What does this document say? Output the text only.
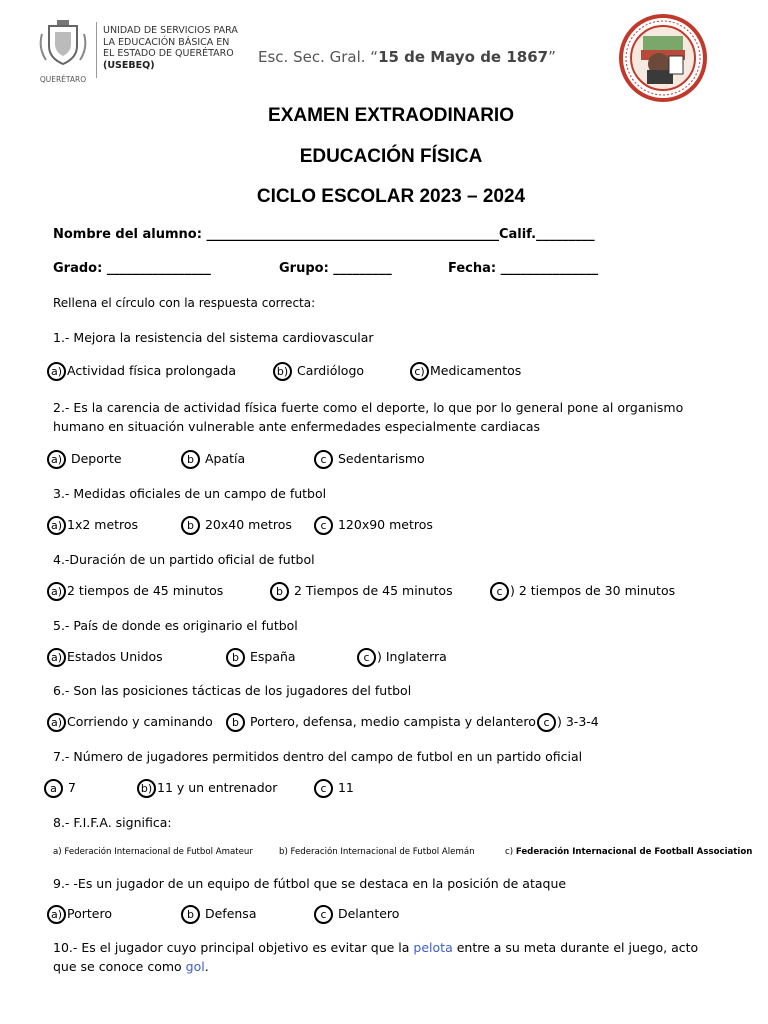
QUERÉTARO
UNIDAD DE SERVICIOS PARA
LA EDUCACIÓN BÁSICA EN
EL ESTADO DE QUERÉTARO
(USEBEQ)	Esc. Sec. Gral. “15 de Mayo de 1867”
EXAMEN EXTRAODINARIO
EDUCACIÓN FÍSICA
CICLO ESCOLAR 2023 – 2024
Nombre del alumno: _____________________________________________Calif._________
Grado: ________________	Grupo: _________	Fecha: _______________
Rellena el círculo con la respuesta correcta:
1.- Mejora la resistencia del sistema cardiovascular
a) Actividad física prolongada	b) Cardiólogo	c) Medicamentos
2.- Es la carencia de actividad física fuerte como el deporte, lo que por lo general pone al organismo humano en situación vulnerable ante enfermedades especialmente cardiacas
a) Deporte	b Apatía	c Sedentarismo
3.- Medidas oficiales de un campo de futbol
a) 1x2 metros	b 20x40 metros	c 120x90 metros
4.-Duración de un partido oficial de futbol
a) 2 tiempos de 45 minutos	b 2 Tiempos de 45 minutos	c ) 2 tiempos de 30 minutos
5.- País de donde es originario el futbol
a) Estados Unidos	b España	c ) Inglaterra
6.- Son las posiciones tácticas de los jugadores del futbol
a) Corriendo y caminando	b Portero, defensa, medio campista y delantero c ) 3-3-4
7.- Número de jugadores permitidos dentro del campo de futbol en un partido oficial
a 7	b) 11 y un entrenador	c 11
8.- F.I.F.A. significa:
a) Federación Internacional de Futbol Amateur	b) Federación Internacional de Futbol Alemán	c) Federación Internacional de Football Association
9.- -Es un jugador de un equipo de fútbol que se destaca en la posición de ataque
a) Portero	b Defensa	c Delantero
10.- Es el jugador cuyo principal objetivo es evitar que la pelota entre a su meta durante el juego, acto que se conoce como gol.
